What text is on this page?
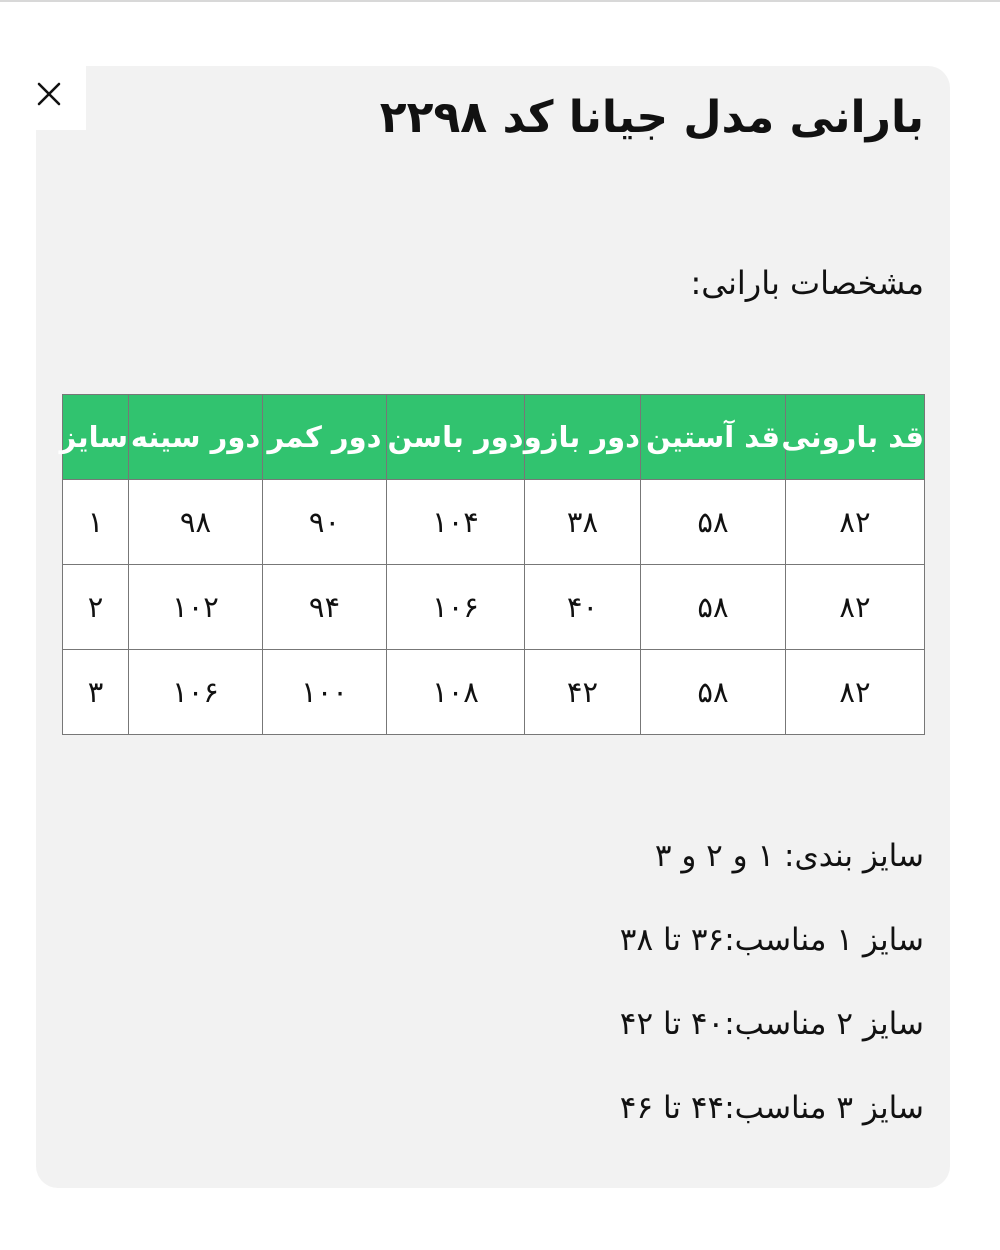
بارانی مدل جیانا کد ۲۲۹۸
مشخصات بارانی:
قد بارونی	قد آستین	دور بازو	دور باسن	دور کمر	دور سینه	سایز
۸۲	۵۸	۳۸	۱۰۴	۹۰	۹۸	۱
۸۲	۵۸	۴۰	۱۰۶	۹۴	۱۰۲	۲
۸۲	۵۸	۴۲	۱۰۸	۱۰۰	۱۰۶	۳
سایز بندی: ۱ و ۲ و ۳
سایز ۱ مناسب:۳۶ تا ۳۸
سایز ۲ مناسب:۴۰ تا ۴۲
سایز ۳ مناسب:۴۴ تا ۴۶
